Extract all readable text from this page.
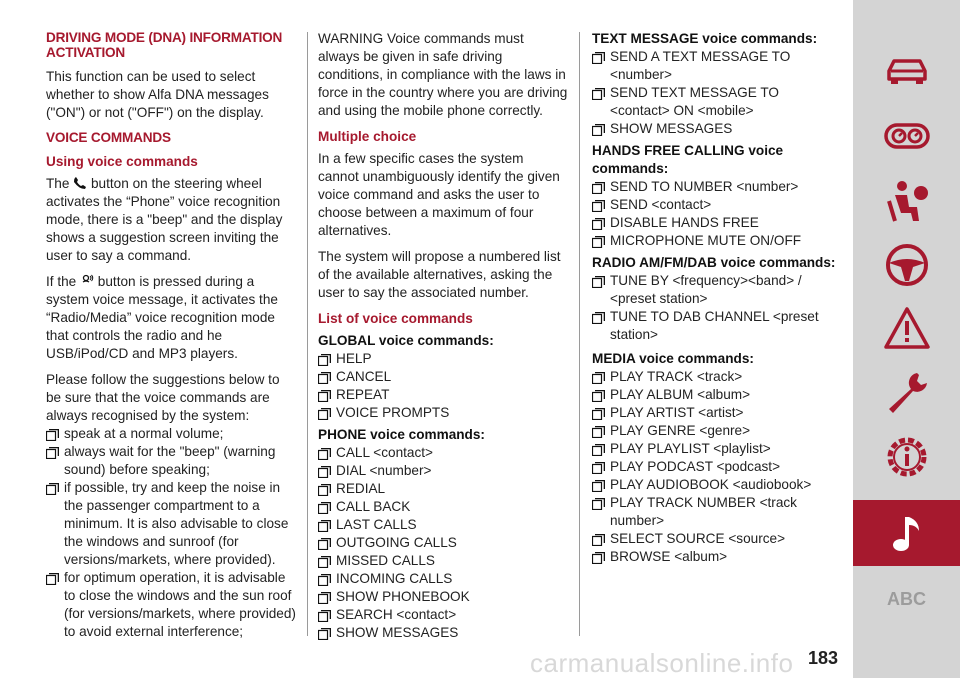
DRIVING MODE (DNA) INFORMATION ACTIVATION

This function can be used to select whether to show Alfa DNA messages ("ON") or not ("OFF") on the display.

VOICE COMMANDS
Using voice commands

The button on the steering wheel activates the “Phone” voice recognition mode, there is a "beep" and the display shows a suggestion screen inviting the user to say a command.

If the button is pressed during a system voice message, it activates the “Radio/Media” voice recognition mode that controls the radio and he USB/iPod/CD and MP3 players.

Please follow the suggestions below to be sure that the voice commands are always recognised by the system:

speak at a normal volume;
always wait for the "beep" (warning sound) before speaking;
if possible, try and keep the noise in the passenger compartment to a minimum. It is also advisable to close the windows and sunroof (for versions/markets, where provided).
for optimum operation, it is advisable to close the windows and the sun roof (for versions/markets, where provided) to avoid external interference;

WARNING Voice commands must always be given in safe driving conditions, in compliance with the laws in force in the country where you are driving and using the mobile phone correctly.

Multiple choice

In a few specific cases the system cannot unambiguously identify the given voice command and asks the user to choose between a maximum of four alternatives.

The system will propose a numbered list of the available alternatives, asking the user to say the associated number.

List of voice commands
GLOBAL voice commands:
HELP
CANCEL
REPEAT
VOICE PROMPTS
PHONE voice commands:
CALL <contact>
DIAL <number>
REDIAL
CALL BACK
LAST CALLS
OUTGOING CALLS
MISSED CALLS
INCOMING CALLS
SHOW PHONEBOOK
SEARCH <contact>
SHOW MESSAGES
TEXT MESSAGE voice commands:
SEND A TEXT MESSAGE TO <number>
SEND TEXT MESSAGE TO <contact> ON <mobile>
SHOW MESSAGES
HANDS FREE CALLING voice commands:
SEND TO NUMBER <number>
SEND <contact>
DISABLE HANDS FREE
MICROPHONE MUTE ON/OFF
RADIO AM/FM/DAB voice commands:
TUNE BY <frequency><band> / <preset station>
TUNE TO DAB CHANNEL <preset station>
MEDIA voice commands:
PLAY TRACK <track>
PLAY ALBUM <album>
PLAY ARTIST <artist>
PLAY GENRE <genre>
PLAY PLAYLIST <playlist>
PLAY PODCAST <podcast>
PLAY AUDIOBOOK <audiobook>
PLAY TRACK NUMBER <track number>
SELECT SOURCE <source>
BROWSE <album>
ABC
carmanualsonline.info 183
